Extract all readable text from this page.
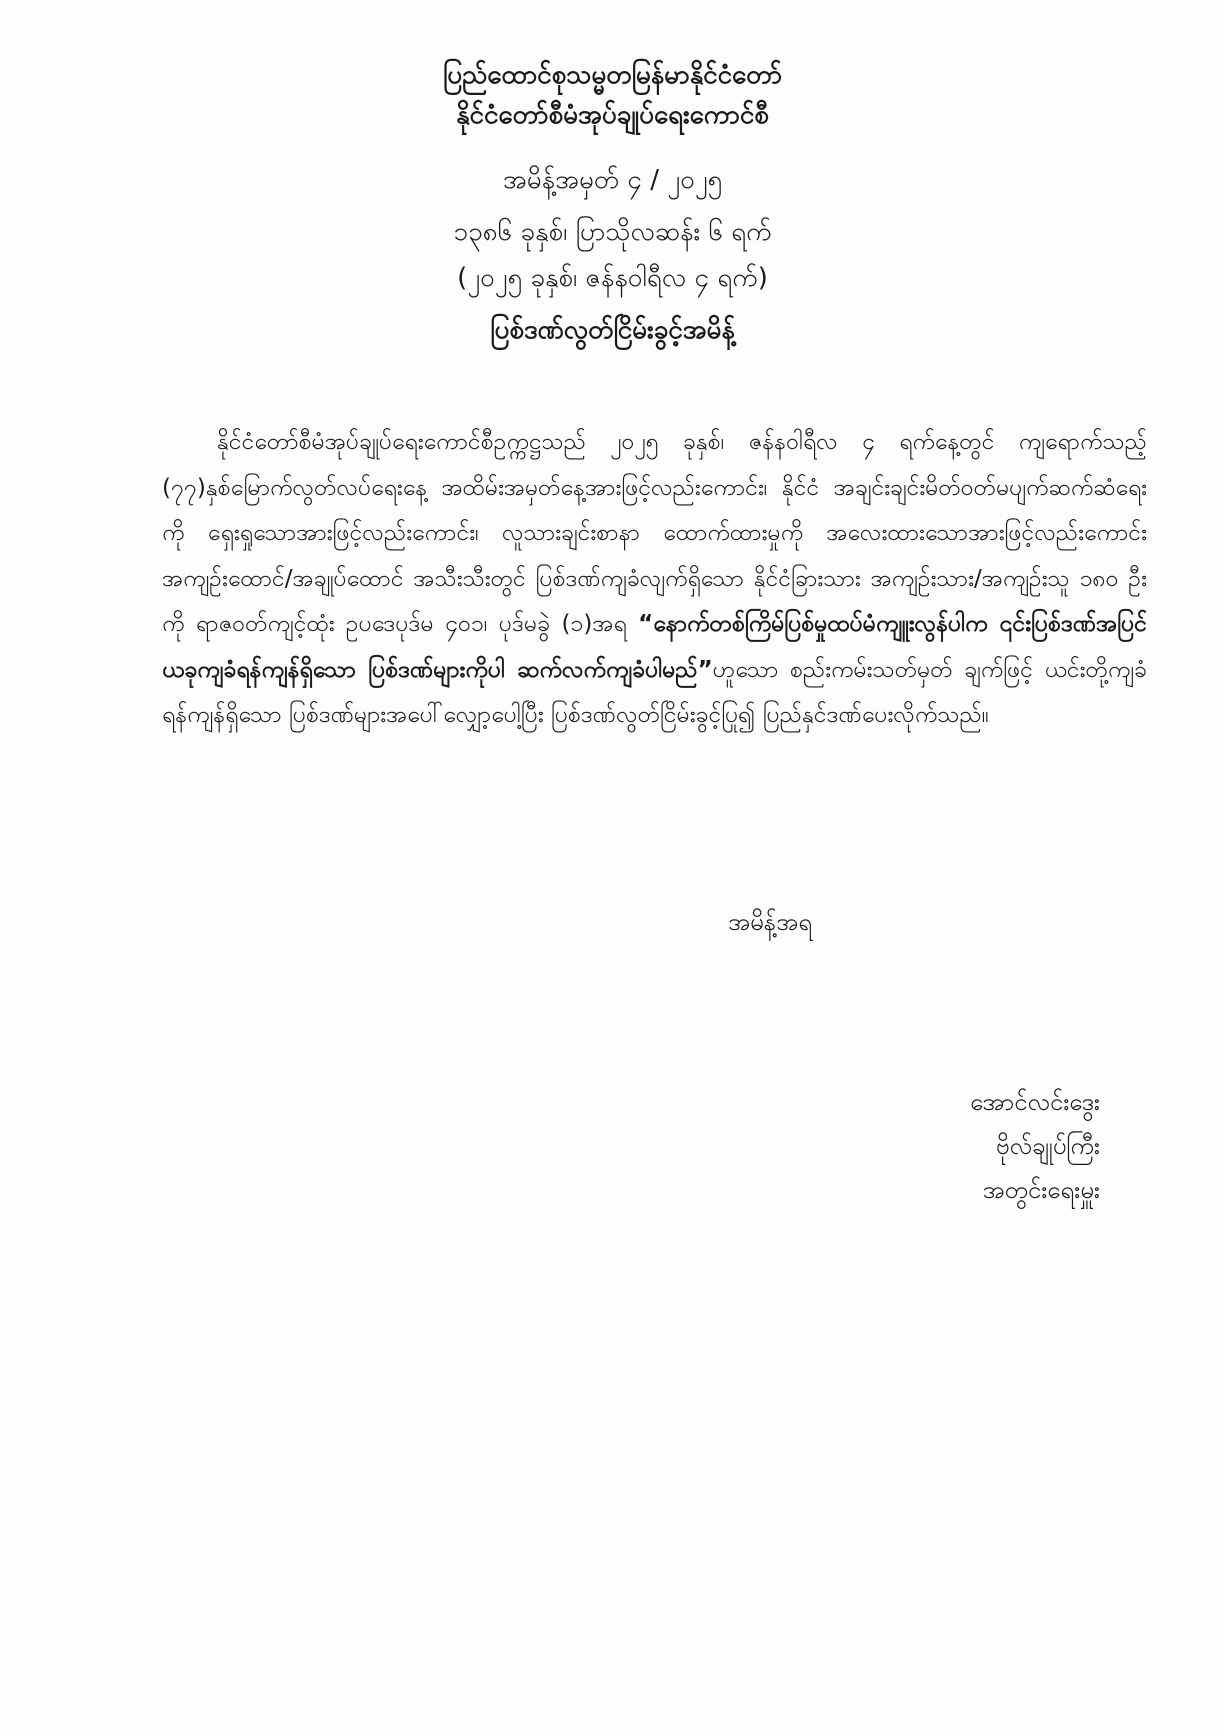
ပြည်ထောင်စုသမ္မတမြန်မာနိုင်ငံတော်
နိုင်ငံတော်စီမံအုပ်ချုပ်ရေးကောင်စီ
အမိန့်အမှတ် ၄ / ၂၀၂၅
၁၃၈၆ ခုနှစ်၊ ပြာသိုလဆန်း ၆ ရက်
(၂၀၂၅ ခုနှစ်၊ ဇန်နဝါရီလ ၄ ရက်)
ပြစ်ဒဏ်လွတ်ငြိမ်းခွင့်အမိန့်
နိုင်ငံတော်စီမံအုပ်ချုပ်ရေးကောင်စီဥက္ကဋ္ဌသည် ၂၀၂၅ ခုနှစ်၊ ဇန်နဝါရီလ ၄ ရက်နေ့တွင် ကျရောက်သည့် (၇၇)နှစ်မြောက်လွတ်လပ်ရေးနေ့ အထိမ်းအမှတ်နေ့အားဖြင့်လည်းကောင်း၊ နိုင်ငံ အချင်းချင်းမိတ်ဝတ်မပျက်ဆက်ဆံရေးကို ရှေးရှုသောအားဖြင့်လည်းကောင်း၊ လူသားချင်းစာနာ ထောက်ထားမှုကို အလေးထားသောအားဖြင့်လည်းကောင်း အကျဉ်းထောင်/အချုပ်ထောင် အသီးသီးတွင် ပြစ်ဒဏ်ကျခံလျက်ရှိသော နိုင်ငံခြားသား အကျဉ်းသား/အကျဉ်းသူ ၁၈၀ ဦးကို ရာဇဝတ်ကျင့်ထုံး ဥပဒေပုဒ်မ ၄၀၁၊ ပုဒ်မခွဲ (၁)အရ “နောက်တစ်ကြိမ်ပြစ်မှုထပ်မံကျူးလွန်ပါက ၎င်းပြစ်ဒဏ်အပြင် ယခုကျခံရန်ကျန်ရှိသော ပြစ်ဒဏ်များကိုပါ ဆက်လက်ကျခံပါမည်”ဟူသော စည်းကမ်းသတ်မှတ် ချက်ဖြင့် ယင်းတို့ကျခံရန်ကျန်ရှိသော ပြစ်ဒဏ်များအပေါ်လျှော့ပေါ့ပြီး ပြစ်ဒဏ်လွတ်ငြိမ်းခွင့်ပြု၍ ပြည်နှင်ဒဏ်ပေးလိုက်သည်။
အမိန့်အရ
အောင်လင်းဒွေး
ဗိုလ်ချုပ်ကြီး
အတွင်းရေးမှူး
